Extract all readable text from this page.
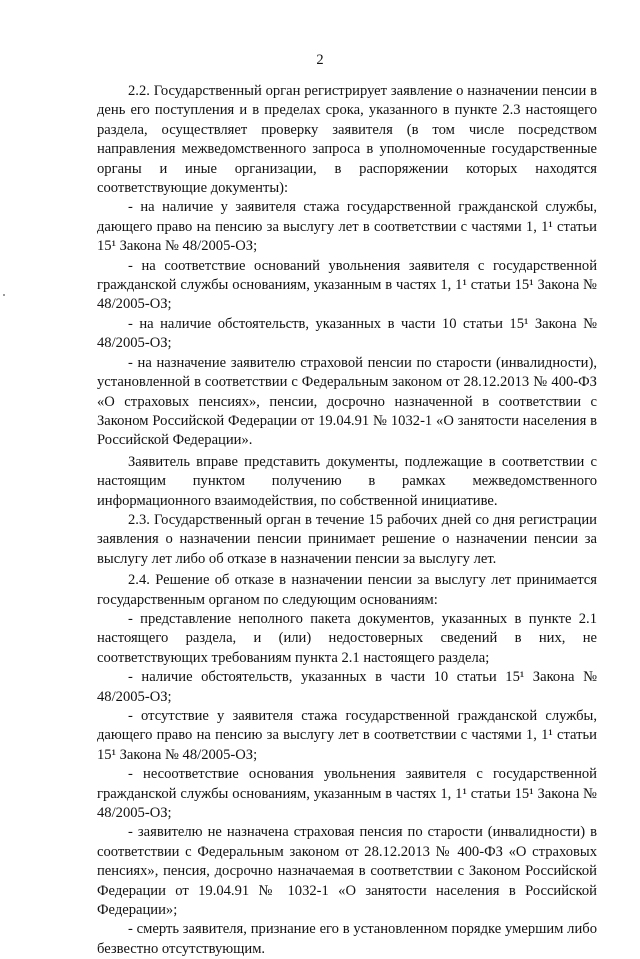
2

2.2. Государственный орган регистрирует заявление о назначении пенсии в день его поступления и в пределах срока, указанного в пункте 2.3 настоящего раздела, осуществляет проверку заявителя (в том числе посредством направления межведомственного запроса в уполномоченные государственные органы и иные организации, в распоряжении которых находятся соответствующие документы):

- на наличие у заявителя стажа государственной гражданской службы, дающего право на пенсию за выслугу лет в соответствии с частями 1, 1¹ статьи 15¹ Закона № 48/2005-ОЗ;

- на соответствие оснований увольнения заявителя с государственной гражданской службы основаниям, указанным в частях 1, 1¹ статьи 15¹ Закона № 48/2005-ОЗ;

- на наличие обстоятельств, указанных в части 10 статьи 15¹ Закона № 48/2005-ОЗ;

- на назначение заявителю страховой пенсии по старости (инвалидности), установленной в соответствии с Федеральным законом от 28.12.2013 № 400-ФЗ «О страховых пенсиях», пенсии, досрочно назначенной в соответствии с Законом Российской Федерации от 19.04.91 № 1032-1 «О занятости населения в Российской Федерации».

Заявитель вправе представить документы, подлежащие в соответствии с настоящим пунктом получению в рамках межведомственного информационного взаимодействия, по собственной инициативе.

2.3. Государственный орган в течение 15 рабочих дней со дня регистрации заявления о назначении пенсии принимает решение о назначении пенсии за выслугу лет либо об отказе в назначении пенсии за выслугу лет.

2.4. Решение об отказе в назначении пенсии за выслугу лет принимается государственным органом по следующим основаниям:

- представление неполного пакета документов, указанных в пункте 2.1 настоящего раздела, и (или) недостоверных сведений в них, не соответствующих требованиям пункта 2.1 настоящего раздела;

- наличие обстоятельств, указанных в части 10 статьи 15¹ Закона № 48/2005-ОЗ;

- отсутствие у заявителя стажа государственной гражданской службы, дающего право на пенсию за выслугу лет в соответствии с частями 1, 1¹ статьи 15¹ Закона № 48/2005-ОЗ;

- несоответствие основания увольнения заявителя с государственной гражданской службы основаниям, указанным в частях 1, 1¹ статьи 15¹ Закона № 48/2005-ОЗ;

- заявителю не назначена страховая пенсия по старости (инвалидности) в соответствии с Федеральным законом от 28.12.2013 № 400-ФЗ «О страховых пенсиях», пенсия, досрочно назначаемая в соответствии с Законом Российской Федерации от 19.04.91 № 1032-1 «О занятости населения в Российской Федерации»;

- смерть заявителя, признание его в установленном порядке умершим либо безвестно отсутствующим.
